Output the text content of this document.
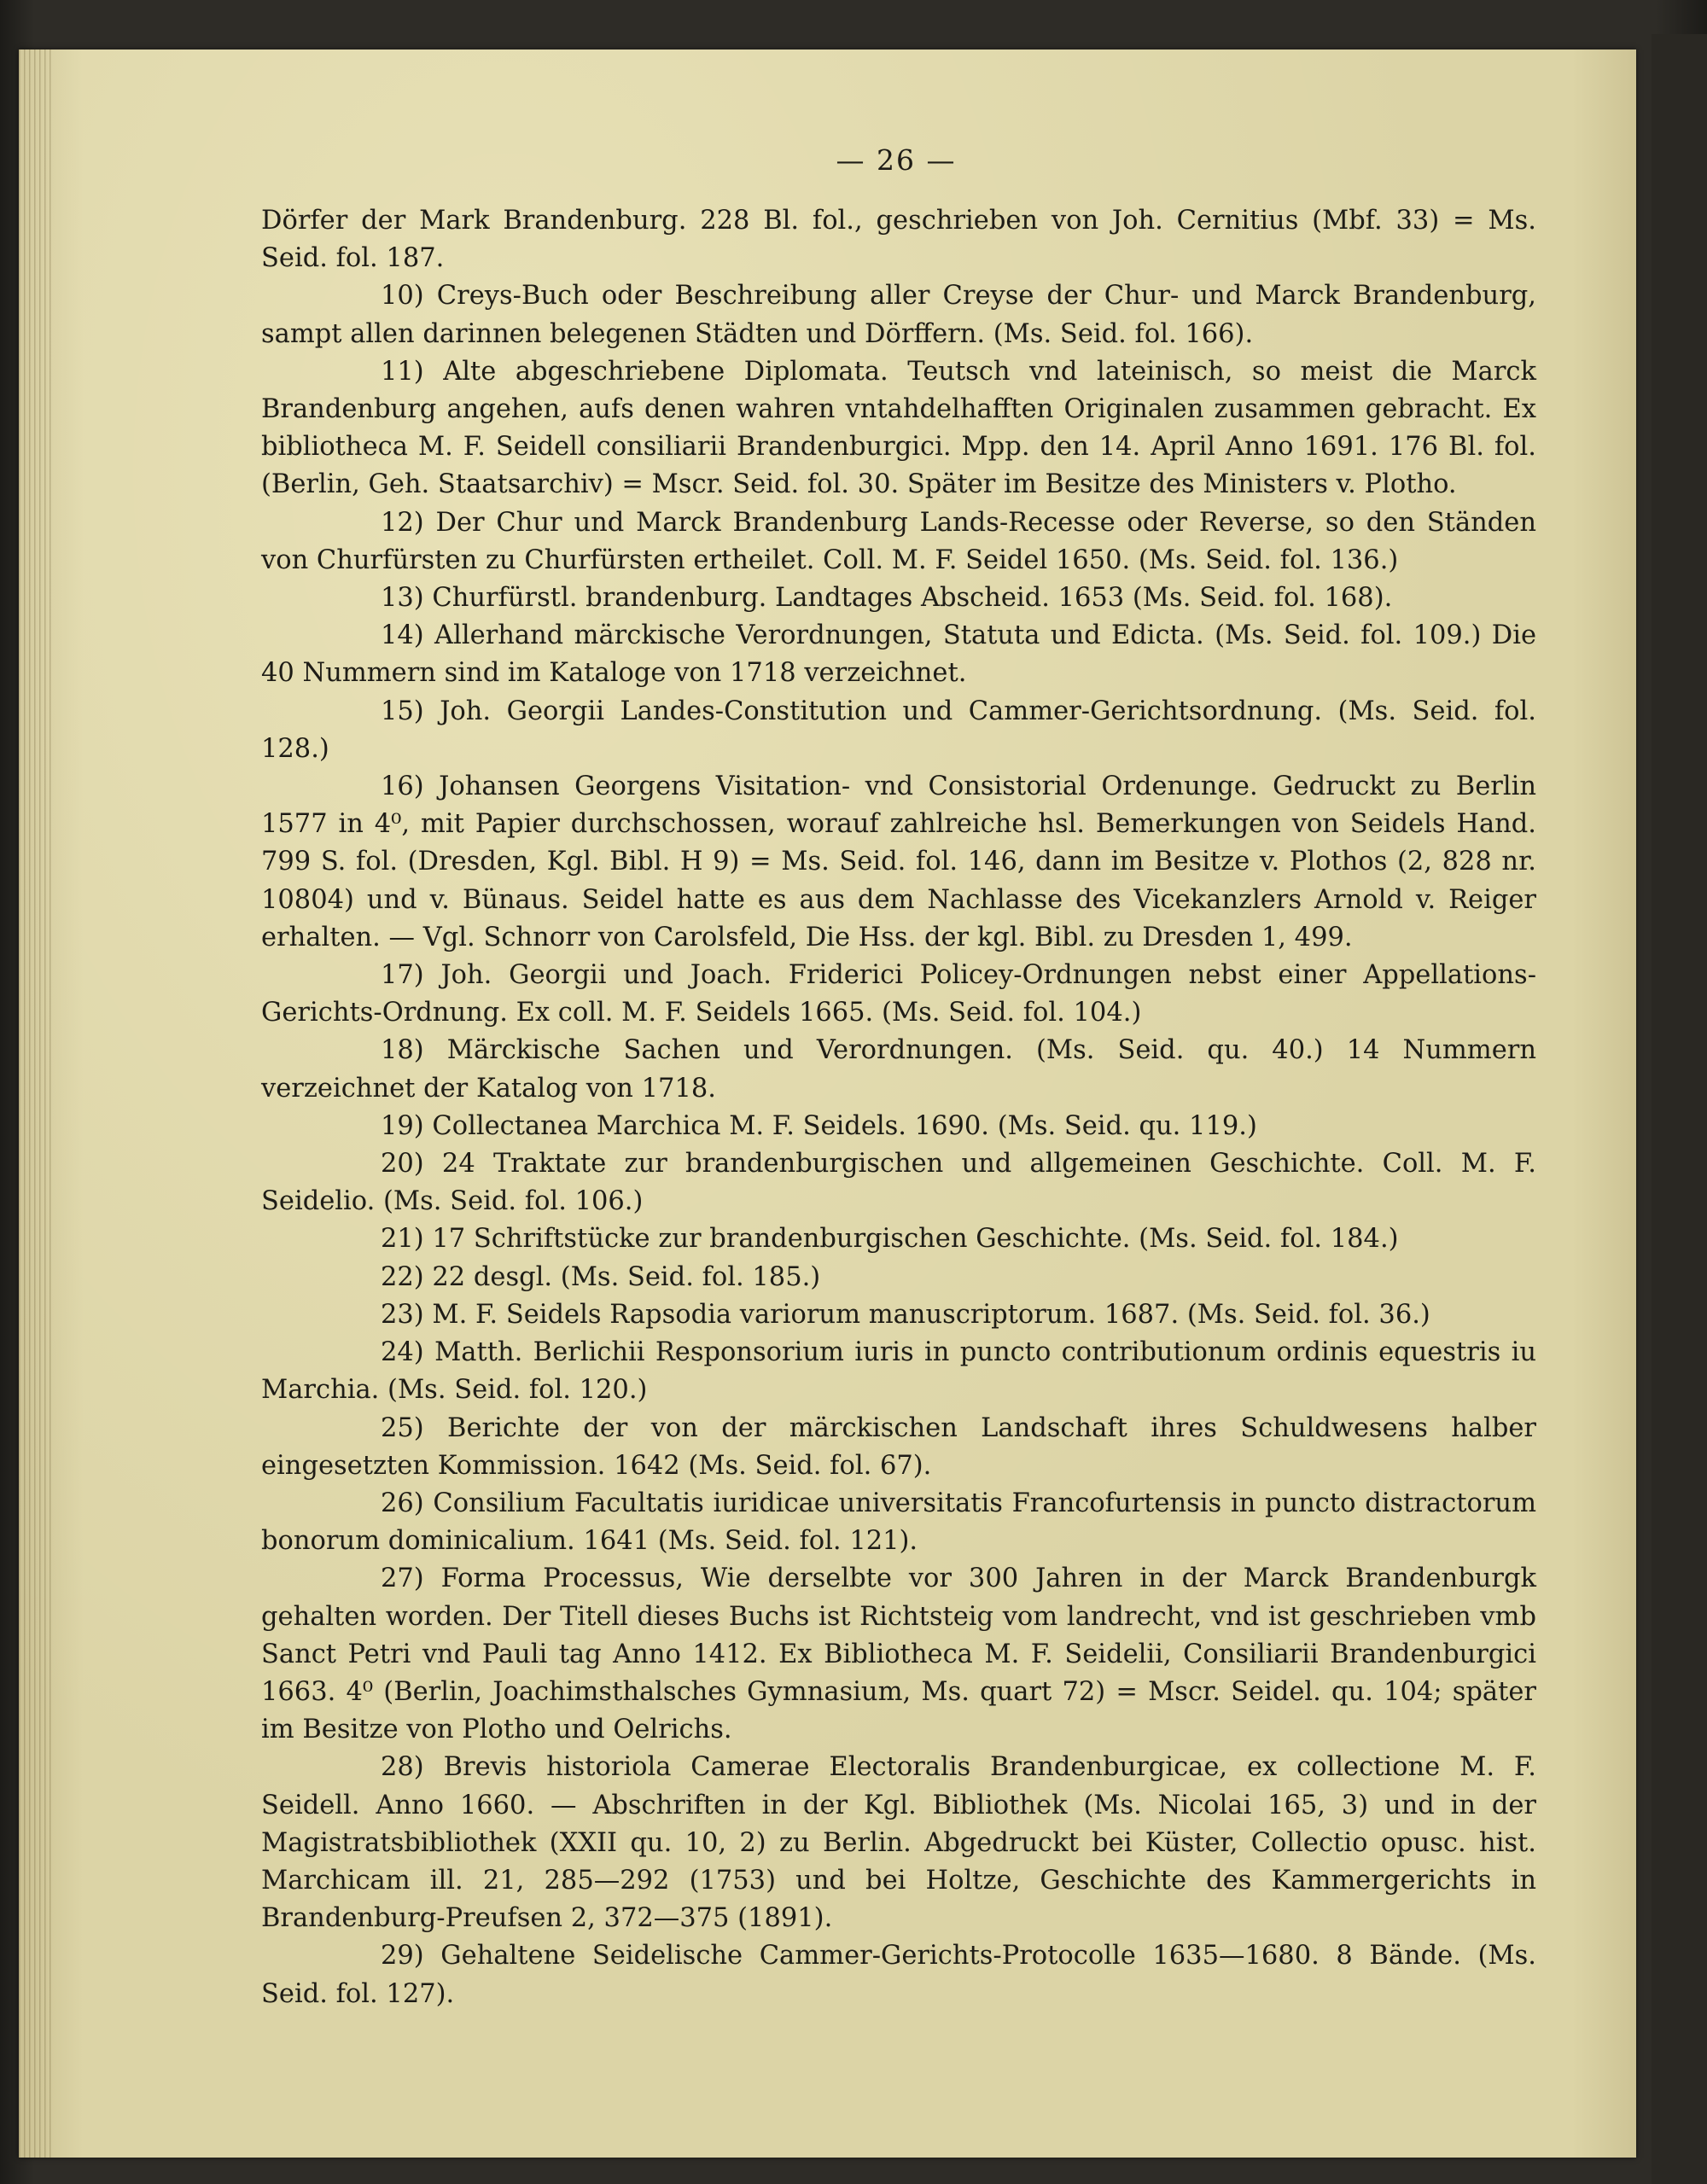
— 26 —

Dörfer der Mark Brandenburg. 228 Bl. fol., geschrieben von Joh. Cernitius (Mbf. 33) = Ms. Seid. fol. 187.

10) Creys-Buch oder Beschreibung aller Creyse der Chur- und Marck Brandenburg, sampt allen darinnen belegenen Städten und Dörffern. (Ms. Seid. fol. 166).

11) Alte abgeschriebene Diplomata. Teutsch vnd lateinisch, so meist die Marck Brandenburg angehen, aufs denen wahren vntahdelhafften Originalen zusammen gebracht. Ex bibliotheca M. F. Seidell consiliarii Brandenburgici. Mpp. den 14. April Anno 1691. 176 Bl. fol. (Berlin, Geh. Staatsarchiv) = Mscr. Seid. fol. 30. Später im Besitze des Ministers v. Plotho.

12) Der Chur und Marck Brandenburg Lands-Recesse oder Reverse, so den Ständen von Churfürsten zu Churfürsten ertheilet. Coll. M. F. Seidel 1650. (Ms. Seid. fol. 136.)

13) Churfürstl. brandenburg. Landtages Abscheid. 1653 (Ms. Seid. fol. 168).

14) Allerhand märckische Verordnungen, Statuta und Edicta. (Ms. Seid. fol. 109.) Die 40 Nummern sind im Kataloge von 1718 verzeichnet.

15) Joh. Georgii Landes-Constitution und Cammer-Gerichtsordnung. (Ms. Seid. fol. 128.)

16) Johansen Georgens Visitation- vnd Consistorial Ordenunge. Gedruckt zu Berlin 1577 in 4⁰, mit Papier durchschossen, worauf zahlreiche hsl. Bemerkungen von Seidels Hand. 799 S. fol. (Dresden, Kgl. Bibl. H 9) = Ms. Seid. fol. 146, dann im Besitze v. Plothos (2, 828 nr. 10804) und v. Bünaus. Seidel hatte es aus dem Nachlasse des Vicekanzlers Arnold v. Reiger erhalten. — Vgl. Schnorr von Carolsfeld, Die Hss. der kgl. Bibl. zu Dresden 1, 499.

17) Joh. Georgii und Joach. Friderici Policey-Ordnungen nebst einer Appellations-Gerichts-Ordnung. Ex coll. M. F. Seidels 1665. (Ms. Seid. fol. 104.)

18) Märckische Sachen und Verordnungen. (Ms. Seid. qu. 40.) 14 Nummern verzeichnet der Katalog von 1718.

19) Collectanea Marchica M. F. Seidels. 1690. (Ms. Seid. qu. 119.)

20) 24 Traktate zur brandenburgischen und allgemeinen Geschichte. Coll. M. F. Seidelio. (Ms. Seid. fol. 106.)

21) 17 Schriftstücke zur brandenburgischen Geschichte. (Ms. Seid. fol. 184.)

22) 22 desgl. (Ms. Seid. fol. 185.)

23) M. F. Seidels Rapsodia variorum manuscriptorum. 1687. (Ms. Seid. fol. 36.)

24) Matth. Berlichii Responsorium iuris in puncto contributionum ordinis equestris iu Marchia. (Ms. Seid. fol. 120.)

25) Berichte der von der märckischen Landschaft ihres Schuldwesens halber eingesetzten Kommission. 1642 (Ms. Seid. fol. 67).

26) Consilium Facultatis iuridicae universitatis Francofurtensis in puncto distractorum bonorum dominicalium. 1641 (Ms. Seid. fol. 121).

27) Forma Processus, Wie derselbte vor 300 Jahren in der Marck Brandenburgk gehalten worden. Der Titell dieses Buchs ist Richtsteig vom landrecht, vnd ist geschrieben vmb Sanct Petri vnd Pauli tag Anno 1412. Ex Bibliotheca M. F. Seidelii, Consiliarii Brandenburgici 1663. 4⁰ (Berlin, Joachimsthalsches Gymnasium, Ms. quart 72) = Mscr. Seidel. qu. 104; später im Besitze von Plotho und Oelrichs.

28) Brevis historiola Camerae Electoralis Brandenburgicae, ex collectione M. F. Seidell. Anno 1660. — Abschriften in der Kgl. Bibliothek (Ms. Nicolai 165, 3) und in der Magistratsbibliothek (XXII qu. 10, 2) zu Berlin. Abgedruckt bei Küster, Collectio opusc. hist. Marchicam ill. 21, 285—292 (1753) und bei Holtze, Geschichte des Kammergerichts in Brandenburg-Preufsen 2, 372—375 (1891).

29) Gehaltene Seidelische Cammer-Gerichts-Protocolle 1635—1680. 8 Bände. (Ms. Seid. fol. 127).
